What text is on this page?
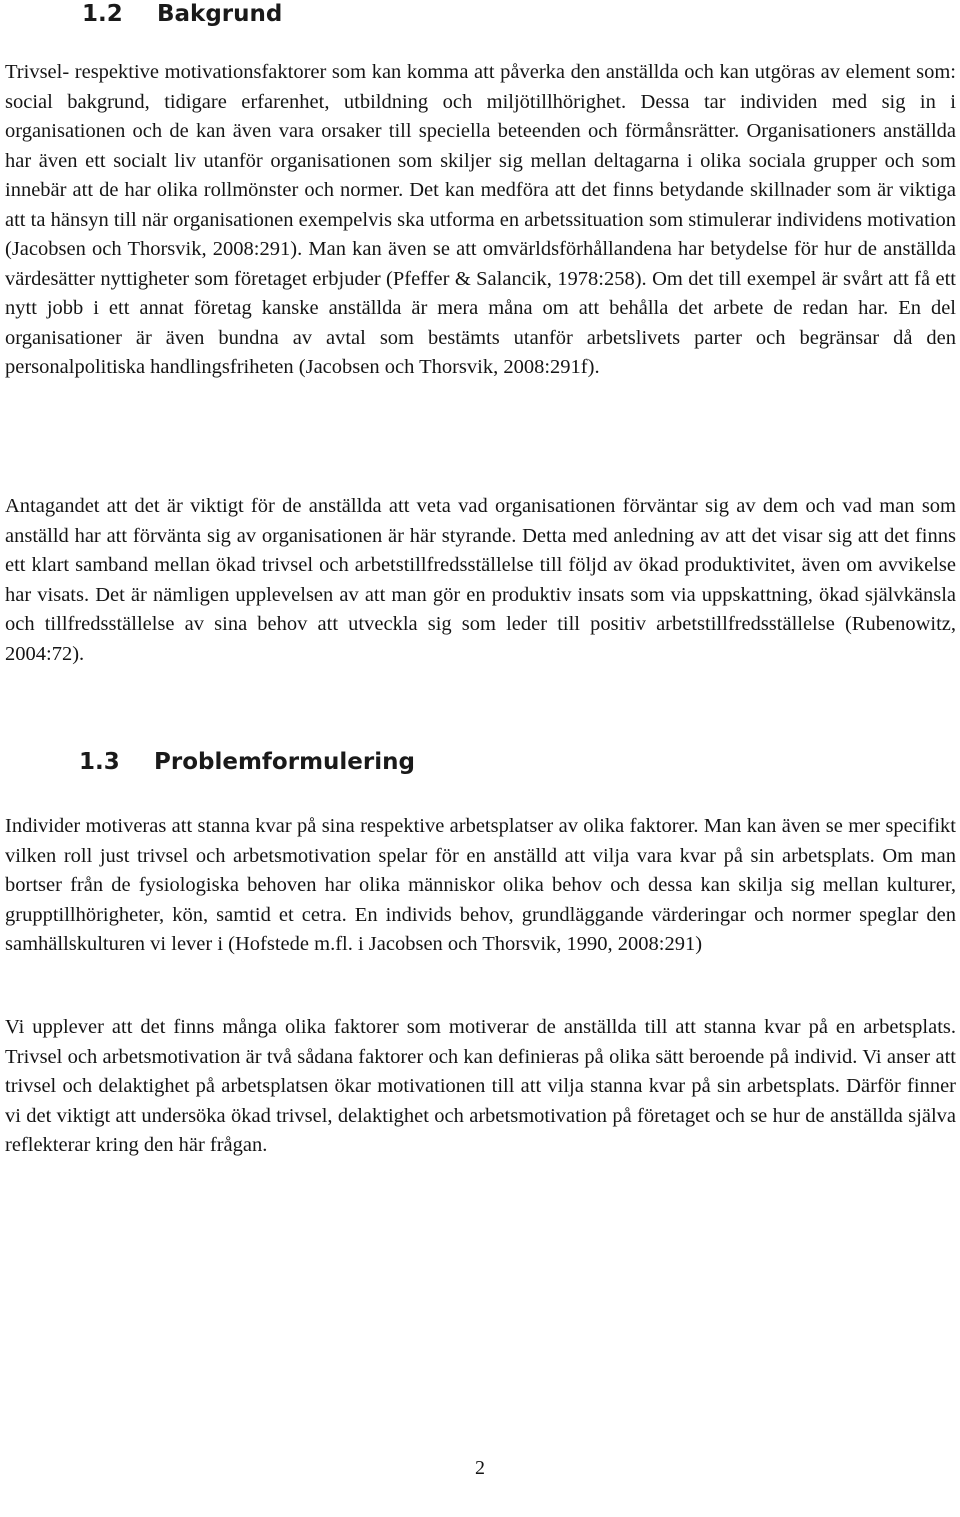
1.2 Bakgrund

Trivsel- respektive motivationsfaktorer som kan komma att påverka den anställda och kan utgöras av element som: social bakgrund, tidigare erfarenhet, utbildning och miljötillhörighet. Dessa tar individen med sig in i organisationen och de kan även vara orsaker till speciella beteenden och förmånsrätter. Organisationers anställda har även ett socialt liv utanför organisationen som skiljer sig mellan deltagarna i olika sociala grupper och som innebär att de har olika rollmönster och normer. Det kan medföra att det finns betydande skillnader som är viktiga att ta hänsyn till när organisationen exempelvis ska utforma en arbetssituation som stimulerar individens motivation (Jacobsen och Thorsvik, 2008:291). Man kan även se att omvärldsförhållandena har betydelse för hur de anställda värdesätter nyttigheter som företaget erbjuder (Pfeffer & Salancik, 1978:258). Om det till exempel är svårt att få ett nytt jobb i ett annat företag kanske anställda är mera måna om att behålla det arbete de redan har. En del organisationer är även bundna av avtal som bestämts utanför arbetslivets parter och begränsar då den personalpolitiska handlingsfriheten (Jacobsen och Thorsvik, 2008:291f).

Antagandet att det är viktigt för de anställda att veta vad organisationen förväntar sig av dem och vad man som anställd har att förvänta sig av organisationen är här styrande. Detta med anledning av att det visar sig att det finns ett klart samband mellan ökad trivsel och arbetstillfredsställelse till följd av ökad produktivitet, även om avvikelse har visats. Det är nämligen upplevelsen av att man gör en produktiv insats som via uppskattning, ökad självkänsla och tillfredsställelse av sina behov att utveckla sig som leder till positiv arbetstillfredsställelse (Rubenowitz, 2004:72).

1.3 Problemformulering

Individer motiveras att stanna kvar på sina respektive arbetsplatser av olika faktorer. Man kan även se mer specifikt vilken roll just trivsel och arbetsmotivation spelar för en anställd att vilja vara kvar på sin arbetsplats. Om man bortser från de fysiologiska behoven har olika människor olika behov och dessa kan skilja sig mellan kulturer, grupptillhörigheter, kön, samtid et cetra. En individs behov, grundläggande värderingar och normer speglar den samhällskulturen vi lever i (Hofstede m.fl. i Jacobsen och Thorsvik, 1990, 2008:291)

Vi upplever att det finns många olika faktorer som motiverar de anställda till att stanna kvar på en arbetsplats. Trivsel och arbetsmotivation är två sådana faktorer och kan definieras på olika sätt beroende på individ. Vi anser att trivsel och delaktighet på arbetsplatsen ökar motivationen till att vilja stanna kvar på sin arbetsplats. Därför finner vi det viktigt att undersöka ökad trivsel, delaktighet och arbetsmotivation på företaget och se hur de anställda själva reflekterar kring den här frågan.

2
